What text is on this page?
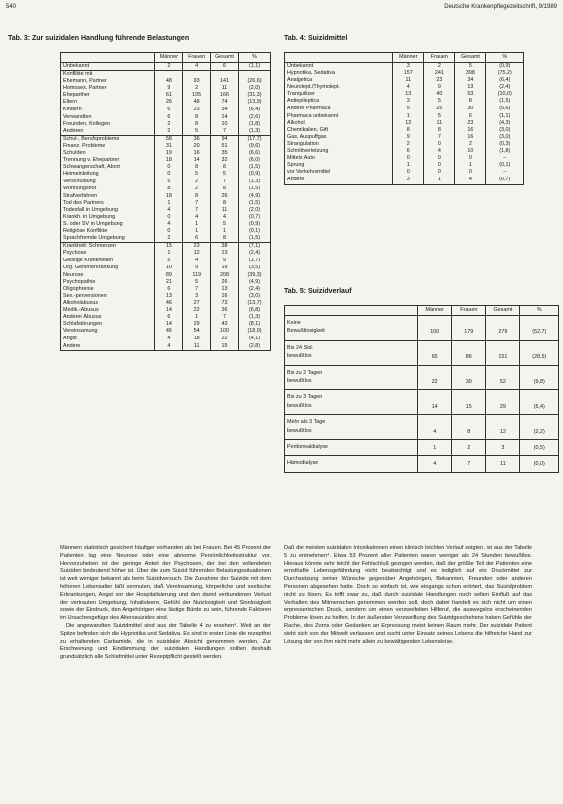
540	Deutsche Krankenpflegezeitschrift, 9/1989
Tab. 3: Zur suizidalen Handlung führende Belastungen
	Männer	Frauen	Gesamt	%
Unbekannt	2	4	6	(1,1)
Konflikte mit				
Ehemann, Partner	48	93	141	(26,6)
Homosex. Partner	9	2	11	(2,0)
Eheparther	61	105	166	(31,3)
Eltern	26	48	74	(13,9)
Kindern	6	23	34	(6,4)
Verwandten	6	8	14	(2,6)
Freunden, Kollegen	2	8	10	(1,8)
Anderen	2	5	7	(1,3)
Schul-, Berufsprobleme	58	36	94	(17,7)
Finanz. Probleme	31	20	51	(9,6)
Schulden	19	16	35	(6,6)
Trennung v. Ehepartner	18	14	32	(6,0)
Schwangerschaft, Abort	0	8	8	(1,5)
Heimeinleitung	0	5	5	(0,9)
Verschuldung	5	2	7	(1,3)
Wohnungsnot	8	2	8	(1,5)
Strafverfahren	18	8	26	(4,9)
Tod des Partners	1	7	8	(1,5)
Todesfall in Umgebung	4	7	11	(2,0)
Krankh. in Umgebung	0	4	4	(0,7)
S. oder SV in Umgebung	4	1	5	(0,9)
Religiöse Konflikte	0	1	1	(0,1)
Sprachfremde Umgebung	2	6	8	(1,5)
Krankheit: Schmerzen	15	23	38	(7,1)
Psychose	1	12	13	(2,4)
Geistige Krankheiten	5	4	9	(1,7)
Org. Gehirnerkrankung	10	9	19	(3,5)
Neurose	89	119	208	(39,3)
Psychopathie	21	5	26	(4,9)
Oligophrenie	6	7	13	(2,4)
Sex.-perversionen	13	3	16	(3,0)
Alkoholabusus	46	27	73	(13,7)
Medik.-Abusus	14	22	36	(6,8)
Anderer Abusus	6	1	7	(1,3)
Schlafstörungen	14	29	43	(8,1)
Vereinsamung	46	54	100	(18,9)
Angst	4	18	22	(4,1)
Andere	4	11	15	(2,8)
Tab. 4: Suizidmittel
	Männer	Frauen	Gesamt	%
Unbekannt	3	2	5	(0,9)
Hypnotika, Sedativa	157	241	398	(75,2)
Analgetica	11	23	34	(6,4)
Neurolept./Thymolept.	4	9	13	(2,4)
Tranquilizer	13	40	53	(10,0)
Antiepileptica	3	5	8	(1,5)
Andere Pharmaca	5	25	30	(5,6)
Pharmaca unbekannt	1	5	6	(1,1)
Alkohol	12	11	23	(4,3)
Chemikalien, Gift	8	8	16	(3,0)
Gas, Auspuffgas	9	7	16	(3,0)
Strangulation	2	0	2	(0,3)
Schnittverletzung	6	4	10	(1,8)
Mittels Auto	0	0	0	–
Sprung	1	0	1	(0,1)
vor Verkehrsmittel	0	0	0	–
Andere	3	1	4	(0,7)
Tab. 5: Suizidverlauf
	Männer	Frauen	Gesamt	%
Keine
Bewußtlosigkeit	100	179	279	(52,7)
Bis 24 Std.
bewußtlos	65	86	151	(28,5)
Bis zu 2 Tagen
bewußtlos	22	30	52	(9,8)
Bis zu 3 Tagen
bewußtlos	14	15	29	(5,4)
Mehr als 3 Tage
bewußtlos	4	8	12	(2,2)
Peritonealdialyse	1	2	3	(0,5)
Hämodialyse	4	7	11	(0,0)

Männern statistisch gesichert häufiger vorhanden als bei Frauen. Bei 45 Prozent der Patienten lag eine Neurose oder eine abnorme Persönlichkeitsstruktur vor. Hervorzuheben ist der geringe Anteil der Psychosen, der bei den vollendeten Suiziden bedeutend höher ist. Über die zum Suizid führenden Belastungssituationen ist weit weniger bekannt als beim Suizidversuch. Die Zunahme der Suizide mit dem höheren Lebensalter läßt vermuten, daß Vereinsamung, körperliche und seelische Erkrankungen, Angst vor der Hospitalisierung und den damit verbundenen Verlust der vertrauten Umgebung, Inhaltsleere, Gefühl der Nutzlosigkeit und Sinnlosigkeit sowie der Eindruck, den Angehörigen eine lästige Bürde zu sein, führende Faktoren im Ursachengefüge des Alterssuizides sind.

Die angewandten Suizidmittel sind aus der Tabelle 4 zu ersehen⁴. Weit an der Spitze befinden sich die Hypnotika und Sedativa. Es sind in erster Linie die rezeptfrei zu erhaltenden Carbamide, die in suizidaler Absicht genommen werden. Zur Erschwerung und Eindämmung der suizidalen Handlungen sollten deshalb grundsätzlich alle Schlafmittel unter Rezeptpflicht gestellt werden.

Daß die meisten suizidalen Intoxikationen einen klinisch leichten Verlauf zeigten, ist aus der Tabelle 5 zu entnehmen⁴. Etwa 53 Prozent aller Patienten waren weniger als 24 Stunden bewußtlos. Hieraus könnte sehr leicht der Fehlschluß gezogen werden, daß der größte Teil der Patienten eine ernsthafte Lebensgefährdung nicht beabsichtigt und es lediglich auf ein Druckmittel zur Durchsetzung seiner Wünsche gegenüber Angehörigen, Bekannten, Freunden oder anderen Personen abgesehen hatte. Doch so einfach ist, wie eingangs schon erörtert, das Suizidproblem nicht zu lösen. Es trifft zwar zu, daß durch suizidale Handlungen noch selten Einfluß auf das Verhalten des Mitmenschen genommen werden soll, doch dabei handelt es sich nicht um einen erpresserischen Druck, sondern um einen verzweifelten Hilferuf, die auswegslos erscheinenden Probleme lösen zu helfen. In der äußersten Verzweiflung des Suizidgeschehens haben Gefühle der Rache, des Zorns oder Gedanken an Erpressung meist keinen Raum mehr. Der suizidale Patient sieht sich von der Mitwelt verlassen und sucht unter Einsatz seines Lebens die hilfreiche Hand zur Lösung der von ihm nicht mehr allein zu bewältigenden Lebenskrise.
